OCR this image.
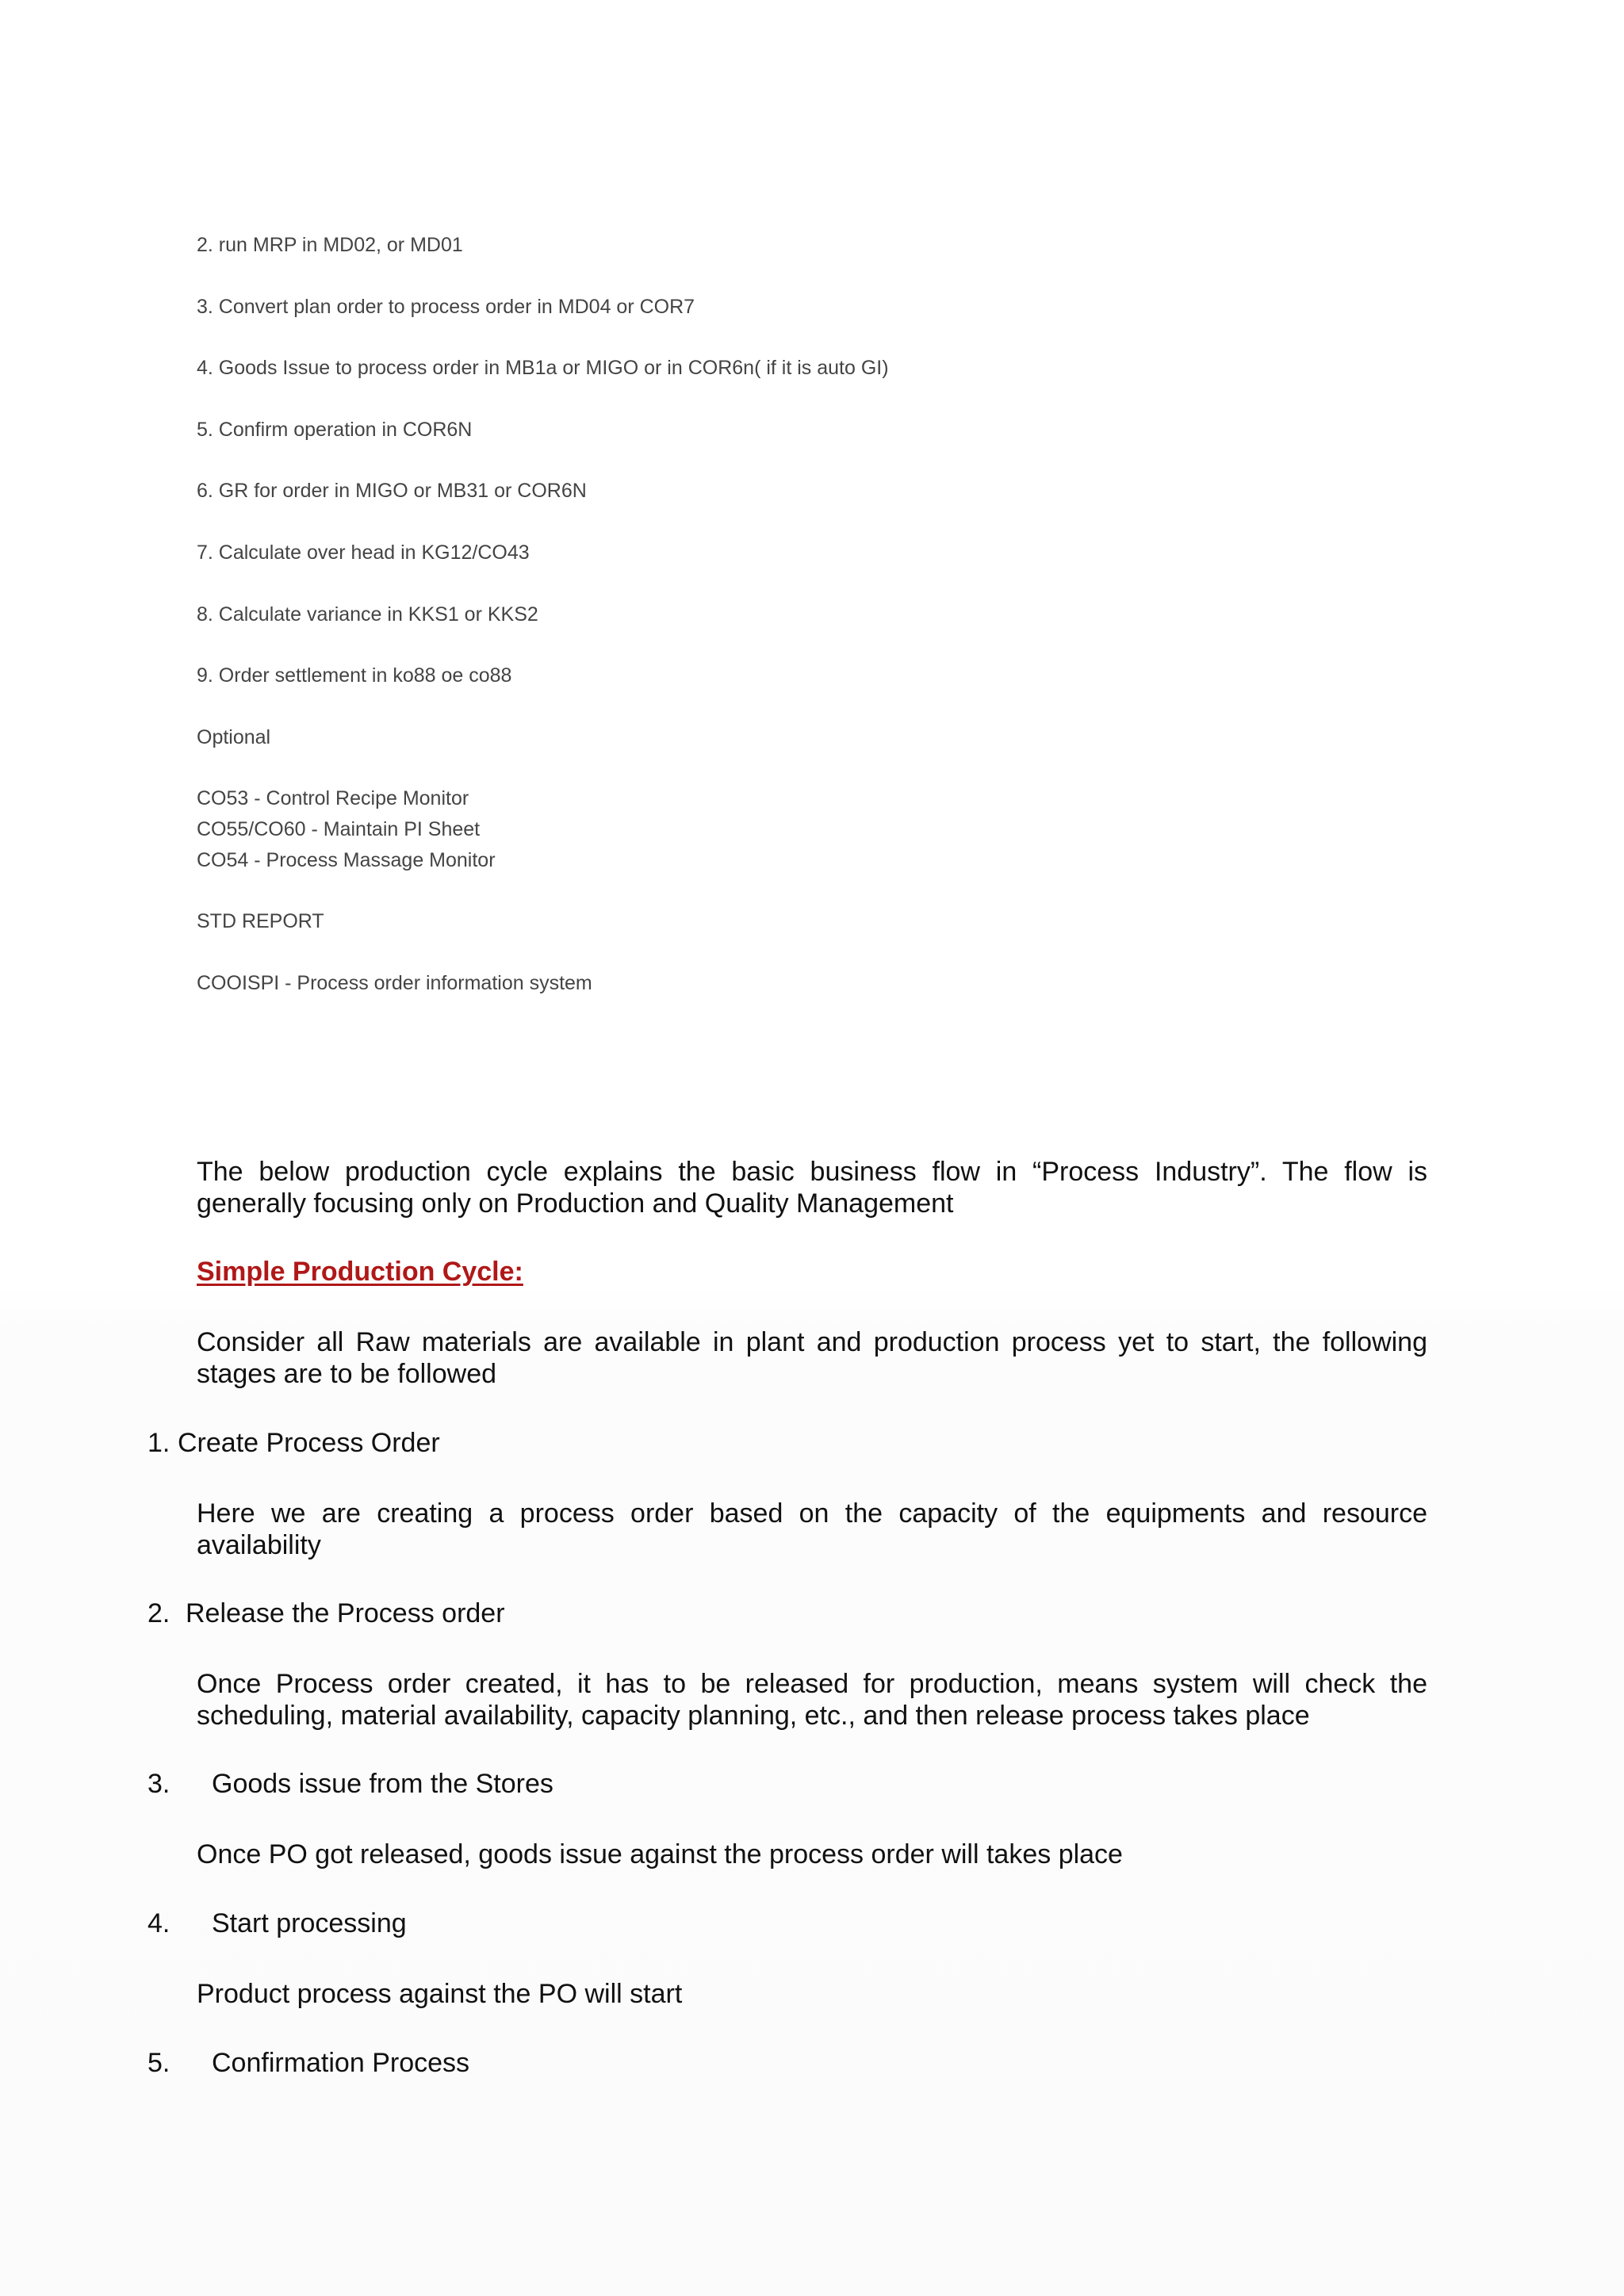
2. run MRP in MD02, or MD01
3. Convert plan order to process order in MD04 or COR7
4. Goods Issue to process order in MB1a or MIGO or in COR6n( if it is auto GI)
5. Confirm operation in COR6N
6. GR for order in MIGO or MB31 or COR6N
7. Calculate over head in KG12/CO43
8. Calculate variance in KKS1 or KKS2
9. Order settlement in ko88 oe co88
Optional
CO53 - Control Recipe Monitor
CO55/CO60 - Maintain PI Sheet
CO54 - Process Massage Monitor
STD REPORT
COOISPI - Process order information system
The below production cycle explains the basic business flow in “Process Industry”. The flow is generally focusing only on Production and Quality Management
Simple Production Cycle:
Consider all Raw materials are available in plant and production process yet to start, the following stages are to be followed
1. Create Process Order
Here we are creating a process order based on the capacity of the equipments and resource availability
2. Release the Process order
Once Process order created, it has to be released for production, means system will check the scheduling, material availability, capacity planning, etc., and then release process takes place
3. Goods issue from the Stores
Once PO got released, goods issue against the process order will takes place
4. Start processing
Product process against the PO will start
5. Confirmation Process
